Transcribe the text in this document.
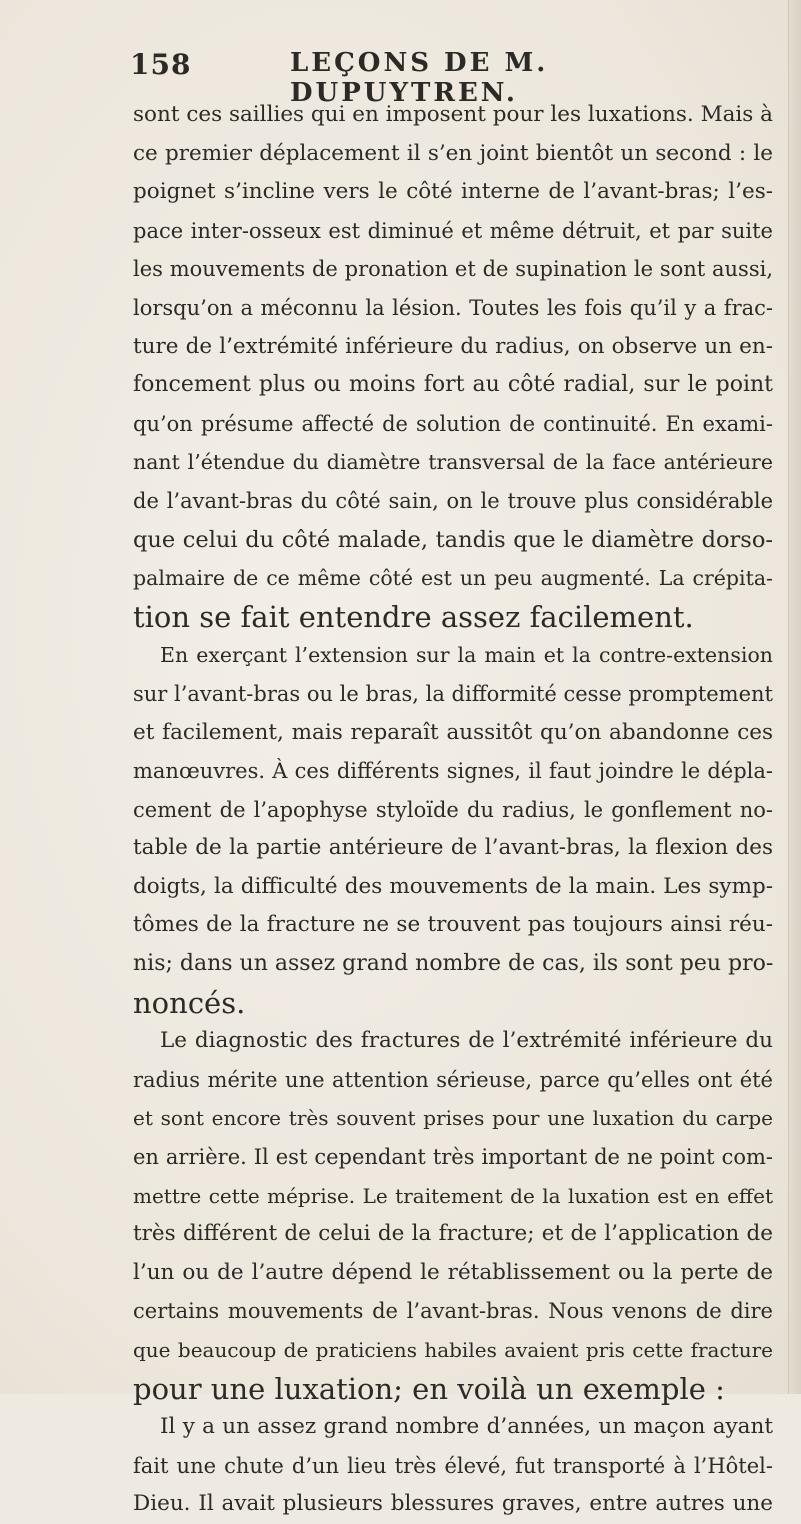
158	LEÇONS DE M. DUPUYTREN.
sont ces saillies qui en imposent pour les luxations. Mais à
ce premier déplacement il s’en joint bientôt un second : le
poignet s’incline vers le côté interne de l’avant-bras; l’es-
pace inter-osseux est diminué et même détruit, et par suite
les mouvements de pronation et de supination le sont aussi,
lorsqu’on a méconnu la lésion. Toutes les fois qu’il y a frac-
ture de l’extrémité inférieure du radius, on observe un en-
foncement plus ou moins fort au côté radial, sur le point
qu’on présume affecté de solution de continuité. En exami-
nant l’étendue du diamètre transversal de la face antérieure
de l’avant-bras du côté sain, on le trouve plus considérable
que celui du côté malade, tandis que le diamètre dorso-
palmaire de ce même côté est un peu augmenté. La crépita-
tion se fait entendre assez facilement.
En exerçant l’extension sur la main et la contre-extension
sur l’avant-bras ou le bras, la difformité cesse promptement
et facilement, mais reparaît aussitôt qu’on abandonne ces
manœuvres. À ces différents signes, il faut joindre le dépla-
cement de l’apophyse styloïde du radius, le gonflement no-
table de la partie antérieure de l’avant-bras, la flexion des
doigts, la difficulté des mouvements de la main. Les symp-
tômes de la fracture ne se trouvent pas toujours ainsi réu-
nis; dans un assez grand nombre de cas, ils sont peu pro-
noncés.
Le diagnostic des fractures de l’extrémité inférieure du
radius mérite une attention sérieuse, parce qu’elles ont été
et sont encore très souvent prises pour une luxation du carpe
en arrière. Il est cependant très important de ne point com-
mettre cette méprise. Le traitement de la luxation est en effet
très différent de celui de la fracture; et de l’application de
l’un ou de l’autre dépend le rétablissement ou la perte de
certains mouvements de l’avant-bras. Nous venons de dire
que beaucoup de praticiens habiles avaient pris cette fracture
pour une luxation; en voilà un exemple :
Il y a un assez grand nombre d’années, un maçon ayant
fait une chute d’un lieu très élevé, fut transporté à l’Hôtel-
Dieu. Il avait plusieurs blessures graves, entre autres une
